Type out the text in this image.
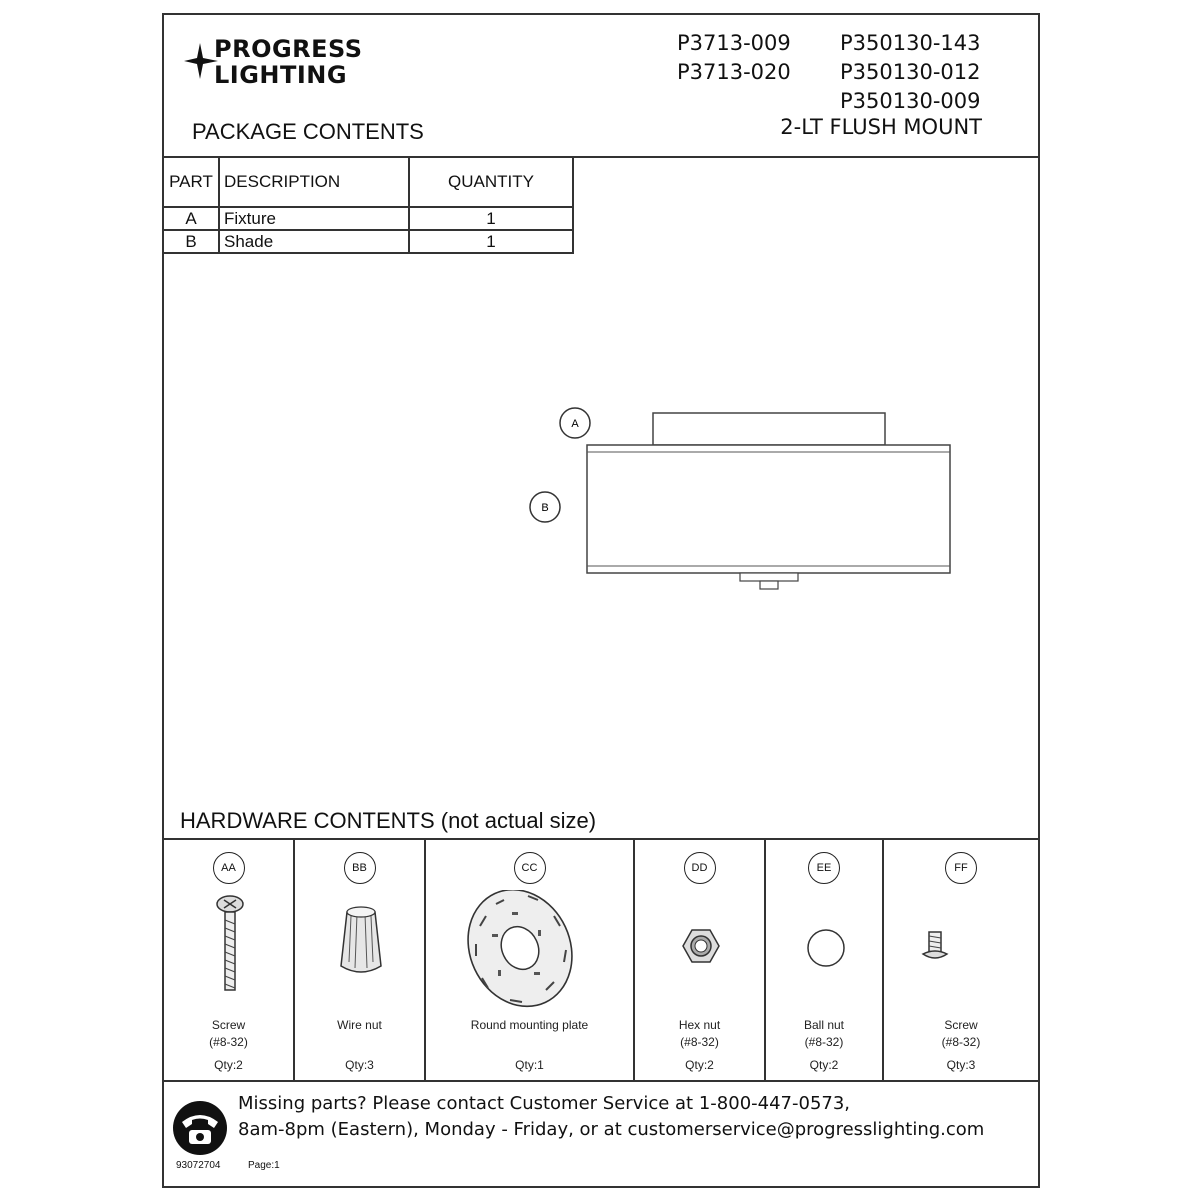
PROGRESS
LIGHTING
P3713-009
P3713-020
P350130-143
P350130-012
P350130-009
2-LT FLUSH MOUNT
PACKAGE CONTENTS
PART	DESCRIPTION	QUANTITY
A	Fixture	1
B	Shade	1
A
B
HARDWARE CONTENTS (not actual size)
AA
Screw
(#8-32)
Qty:2
BB
Wire nut
Qty:3
CC
Round mounting plate
Qty:1
DD
Hex nut
(#8-32)
Qty:2
EE
Ball nut
(#8-32)
Qty:2
FF
Screw
(#8-32)
Qty:3
Missing parts? Please contact Customer Service at 1-800-447-0573,
8am-8pm (Eastern), Monday - Friday, or at customerservice@progresslighting.com
93072704	Page:1
